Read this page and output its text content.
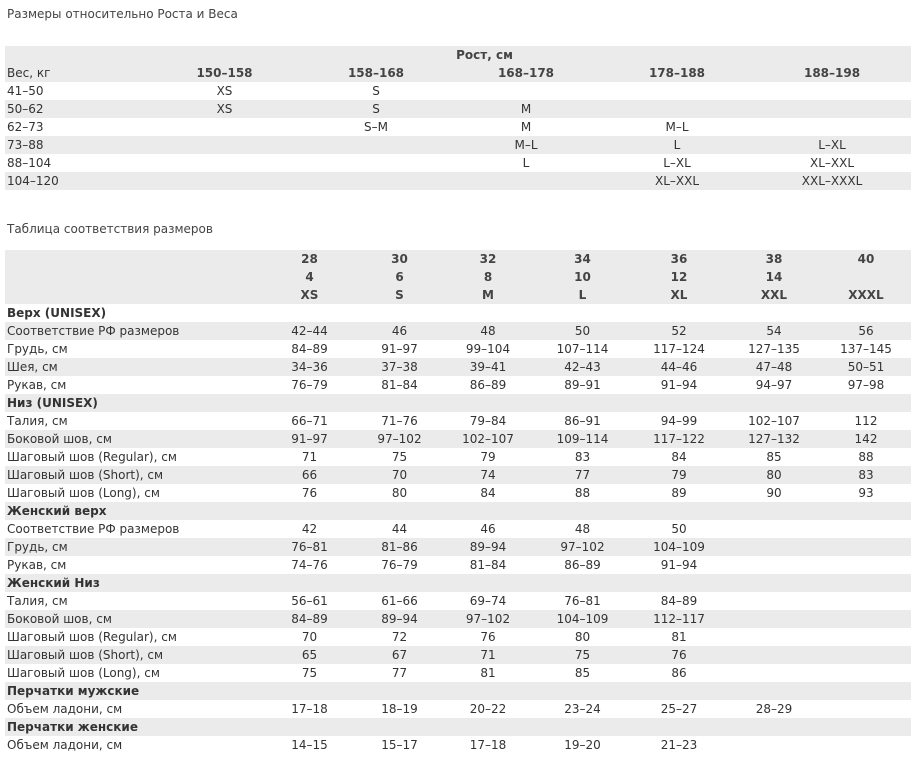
Размеры относительно Роста и Веса
	Рост, см				
Вес, кг	150–158	158–168	168–178	178–188	188–198
41–50	XS	S			
50–62	XS	S	M		
62–73		S–M	M	M–L	
73–88			M–L	L	L–XL
88–104			L	L–XL	XL–XXL
104–120				XL–XXL	XXL–XXXL
Таблица соответствия размеров
	28	30	32	34	36	38	40
	4	6	8	10	12	14	
	XS	S	M	L	XL	XXL	XXXL
Верх (UNISEX)							
Соответствие РФ размеров	42–44	46	48	50	52	54	56
Грудь, см	84–89	91–97	99–104	107–114	117–124	127–135	137–145
Шея, см	34–36	37–38	39–41	42–43	44–46	47–48	50–51
Рукав, см	76–79	81–84	86–89	89–91	91–94	94–97	97–98
Низ (UNISEX)							
Талия, см	66–71	71–76	79–84	86–91	94–99	102–107	112
Боковой шов, см	91–97	97–102	102–107	109–114	117–122	127–132	142
Шаговый шов (Regular), см	71	75	79	83	84	85	88
Шаговый шов (Short), см	66	70	74	77	79	80	83
Шаговый шов (Long), см	76	80	84	88	89	90	93
Женский верх							
Соответствие РФ размеров	42	44	46	48	50		
Грудь, см	76–81	81–86	89–94	97–102	104–109		
Рукав, см	74–76	76–79	81–84	86–89	91–94		
Женский Низ							
Талия, см	56–61	61–66	69–74	76–81	84–89		
Боковой шов, см	84–89	89–94	97–102	104–109	112–117		
Шаговый шов (Regular), см	70	72	76	80	81		
Шаговый шов (Short), см	65	67	71	75	76		
Шаговый шов (Long), см	75	77	81	85	86		
Перчатки мужские							
Объем ладони, см	17–18	18–19	20–22	23–24	25–27	28–29	
Перчатки женские							
Объем ладони, см	14–15	15–17	17–18	19–20	21–23		
